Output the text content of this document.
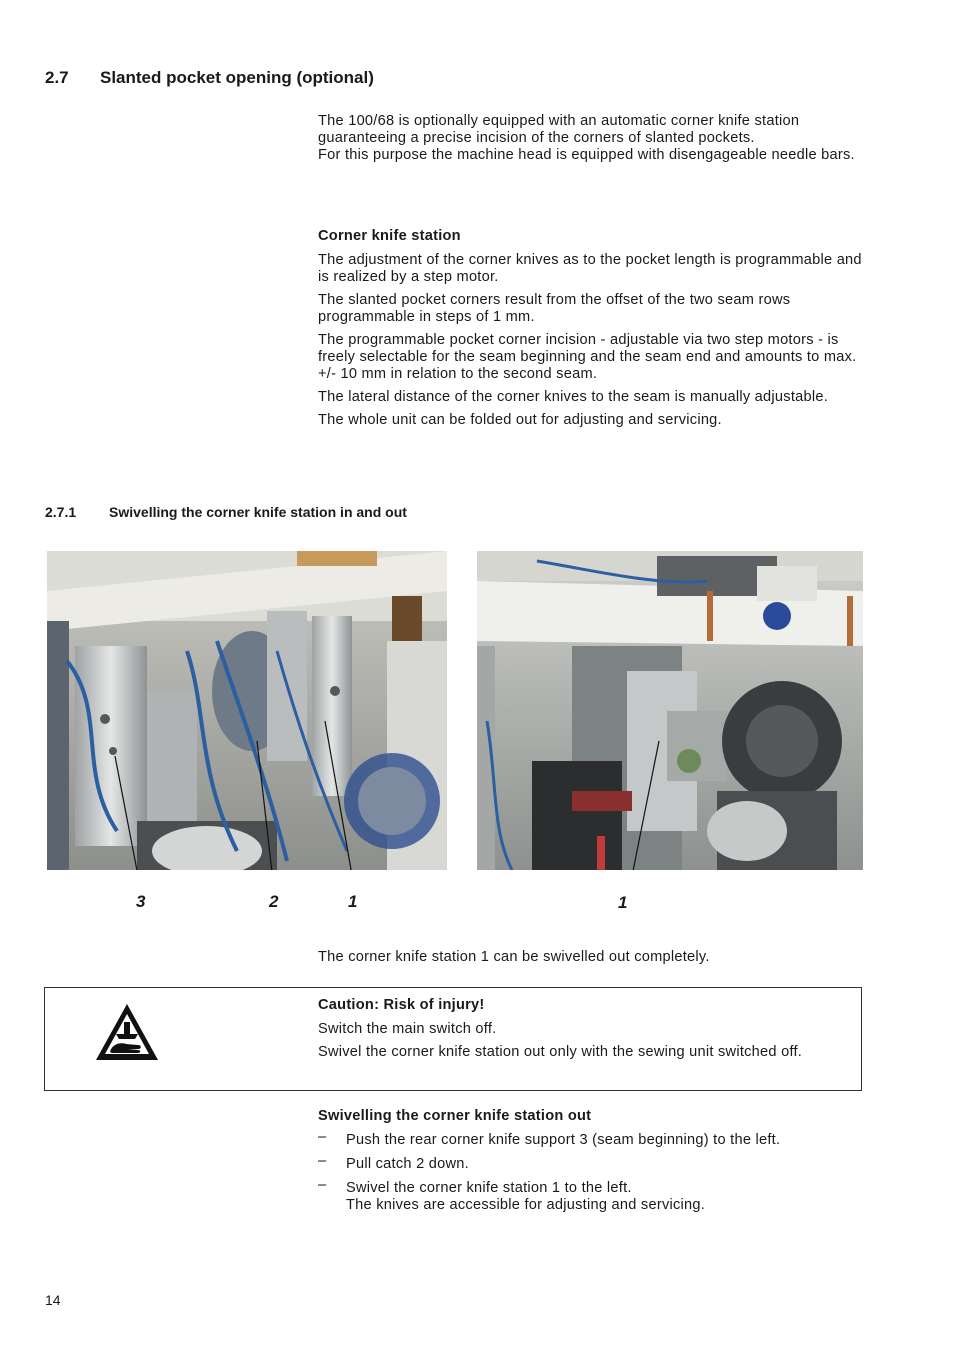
2.7 Slanted pocket opening (optional)
The 100/68 is optionally equipped with an automatic corner knife station guaranteeing a precise incision of the corners of slanted pockets.
For this purpose the machine head is equipped with disengageable needle bars.

Corner knife station

The adjustment of the corner knives as to the pocket length is programmable and is realized by a step motor.

The slanted pocket corners result from the offset of the two seam rows programmable in steps of 1 mm.

The programmable pocket corner incision - adjustable via two step motors - is freely selectable for the seam beginning and the seam end and amounts to max. +/- 10 mm in relation to the second seam.

The lateral distance of the corner knives to the seam is manually adjustable.

The whole unit can be folded out for adjusting and servicing.

2.7.1 Swivelling the corner knife station in and out
3	2	1	1
The corner knife station 1 can be swivelled out completely.

Caution: Risk of injury!

Switch the main switch off.

Swivel the corner knife station out only with the sewing unit switched off.

Swivelling the corner knife station out

– Push the rear corner knife support 3 (seam beginning) to the left.
– Pull catch 2 down.
– Swivel the corner knife station 1 to the left.
The knives are accessible for adjusting and servicing.
14
